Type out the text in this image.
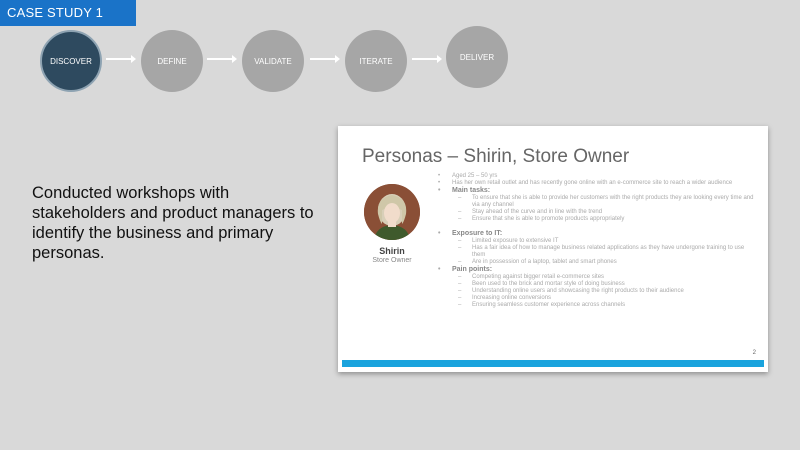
CASE STUDY 1
DISCOVER	DEFINE	VALIDATE	ITERATE	DELIVER
Conducted workshops with stakeholders and product managers to identify the business and primary personas.
Personas – Shirin, Store Owner
Shirin
Store Owner
• Aged 25 – 50 yrs
• Has her own retail outlet and has recently gone online with an e-commerce site to reach a wider audience
• Main tasks:
– To ensure that she is able to provide her customers with the right products they are looking every time and via any channel
– Stay ahead of the curve and in line with the trend
– Ensure that she is able to promote products appropriately
• Exposure to IT:
– Limited exposure to extensive IT
– Has a fair idea of how to manage business related applications as they have undergone training to use them
– Are in possession of a laptop, tablet and smart phones
• Pain points:
– Competing against bigger retail e-commerce sites
– Been used to the brick and mortar style of doing business
– Understanding online users and showcasing the right products to their audience
– Increasing online conversions
– Ensuring seamless customer experience across channels
2
